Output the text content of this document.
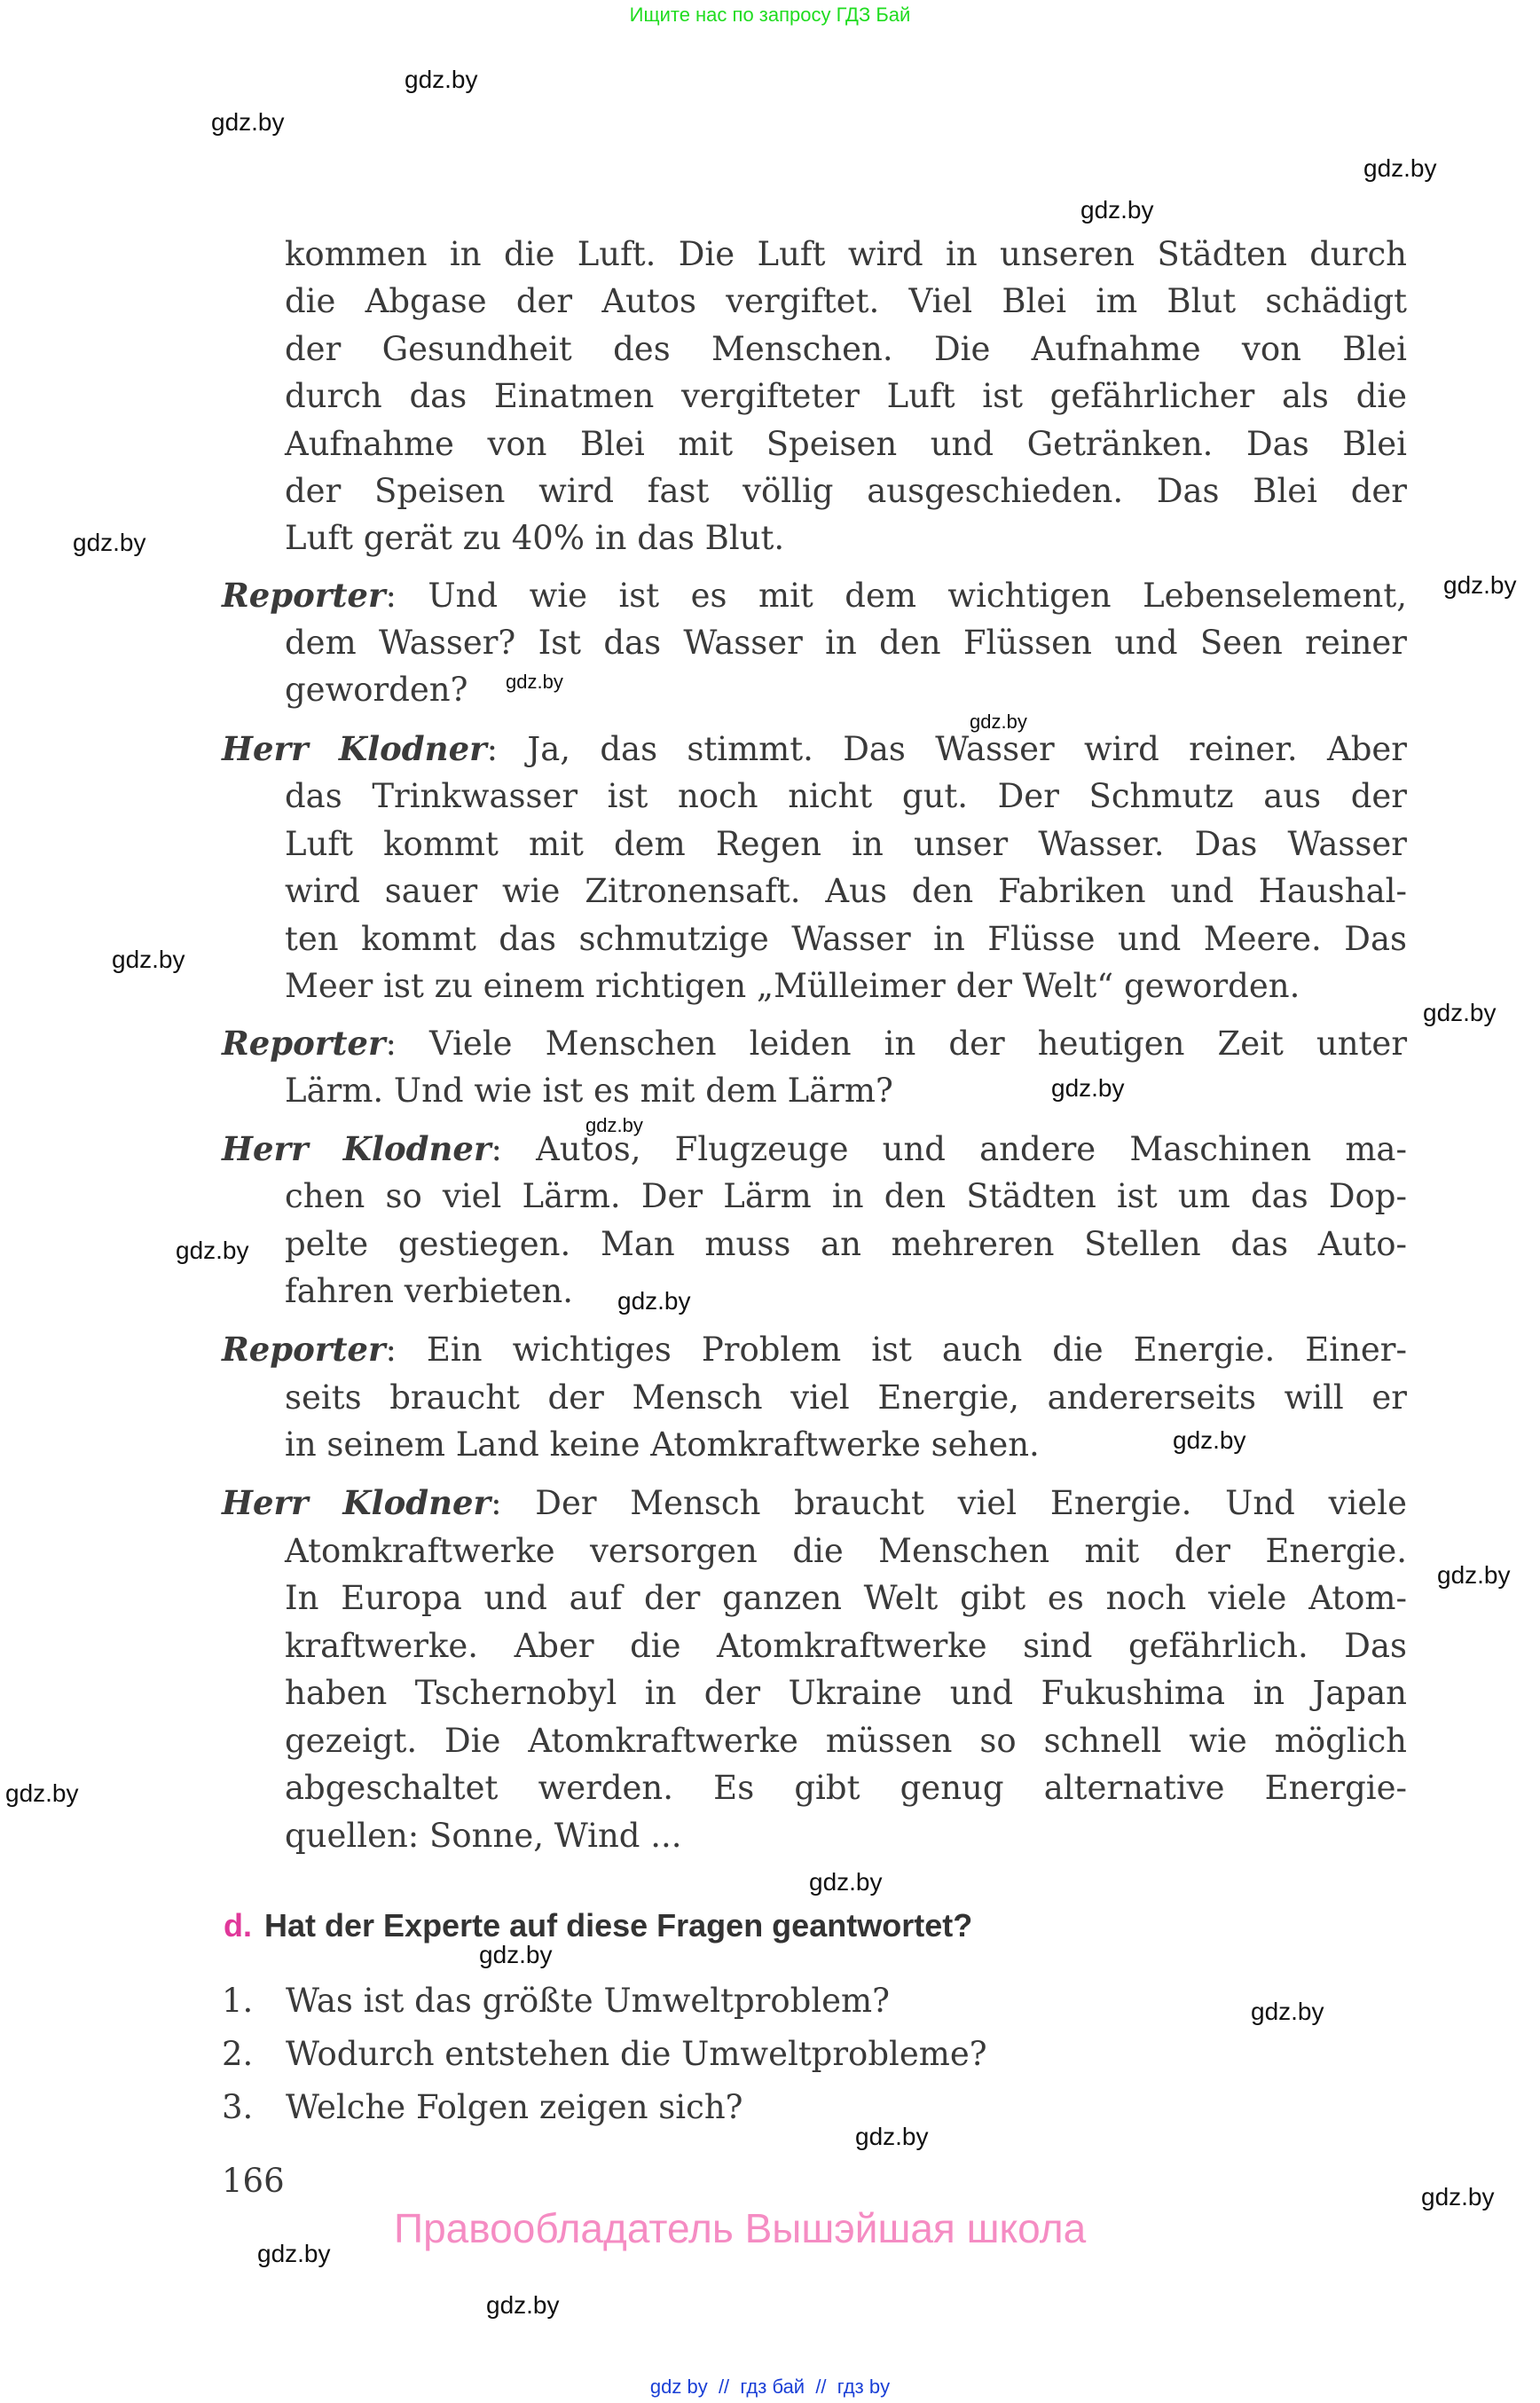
Ищите нас по запросу ГДЗ Бай
gdz.by
gdz.by
gdz.by
gdz.by
gdz.by
gdz.by
gdz.by
gdz.by
gdz.by
gdz.by
gdz.by
gdz.by
gdz.by
gdz.by
gdz.by
gdz.by
gdz.by
gdz.by
gdz.by
gdz.by
gdz.by
gdz.by
gdz.by
gdz.by
kommen in die Luft. Die Luft wird in unseren Städten durch
die Abgase der Autos vergiftet. Viel Blei im Blut schädigt
der Gesundheit des Menschen. Die Aufnahme von Blei
durch das Einatmen vergifteter Luft ist gefährlicher als die
Aufnahme von Blei mit Speisen und Getränken. Das Blei
der Speisen wird fast völlig ausgeschieden. Das Blei der
Luft gerät zu 40% in das Blut.
Reporter: Und wie ist es mit dem wichtigen Lebenselement,
dem Wasser? Ist das Wasser in den Flüssen und Seen reiner
geworden?
Herr Klodner: Ja, das stimmt. Das Wasser wird reiner. Aber
das Trinkwasser ist noch nicht gut. Der Schmutz aus der
Luft kommt mit dem Regen in unser Wasser. Das Wasser
wird sauer wie Zitronensaft. Aus den Fabriken und Haushal-
ten kommt das schmutzige Wasser in Flüsse und Meere. Das
Meer ist zu einem richtigen „Mülleimer der Welt“ geworden.
Reporter: Viele Menschen leiden in der heutigen Zeit unter
Lärm. Und wie ist es mit dem Lärm?
Herr Klodner: Autos, Flugzeuge und andere Maschinen ma-
chen so viel Lärm. Der Lärm in den Städten ist um das Dop-
pelte gestiegen. Man muss an mehreren Stellen das Auto-
fahren verbieten.
Reporter: Ein wichtiges Problem ist auch die Energie. Einer-
seits braucht der Mensch viel Energie, andererseits will er
in seinem Land keine Atomkraftwerke sehen.
Herr Klodner: Der Mensch braucht viel Energie. Und viele
Atomkraftwerke versorgen die Menschen mit der Energie.
In Europa und auf der ganzen Welt gibt es noch viele Atom-
kraftwerke. Aber die Atomkraftwerke sind gefährlich. Das
haben Tschernobyl in der Ukraine und Fukushima in Japan
gezeigt. Die Atomkraftwerke müssen so schnell wie möglich
abgeschaltet werden. Es gibt genug alternative Energie-
quellen: Sonne, Wind ...
d. Hat der Experte auf diese Fragen geantwortet?
1. Was ist das größte Umweltproblem?
2. Wodurch entstehen die Umweltprobleme?
3. Welche Folgen zeigen sich?
166
Правообладатель Вышэйшая школа
gdz by  //  гдз бай  //  гдз by
